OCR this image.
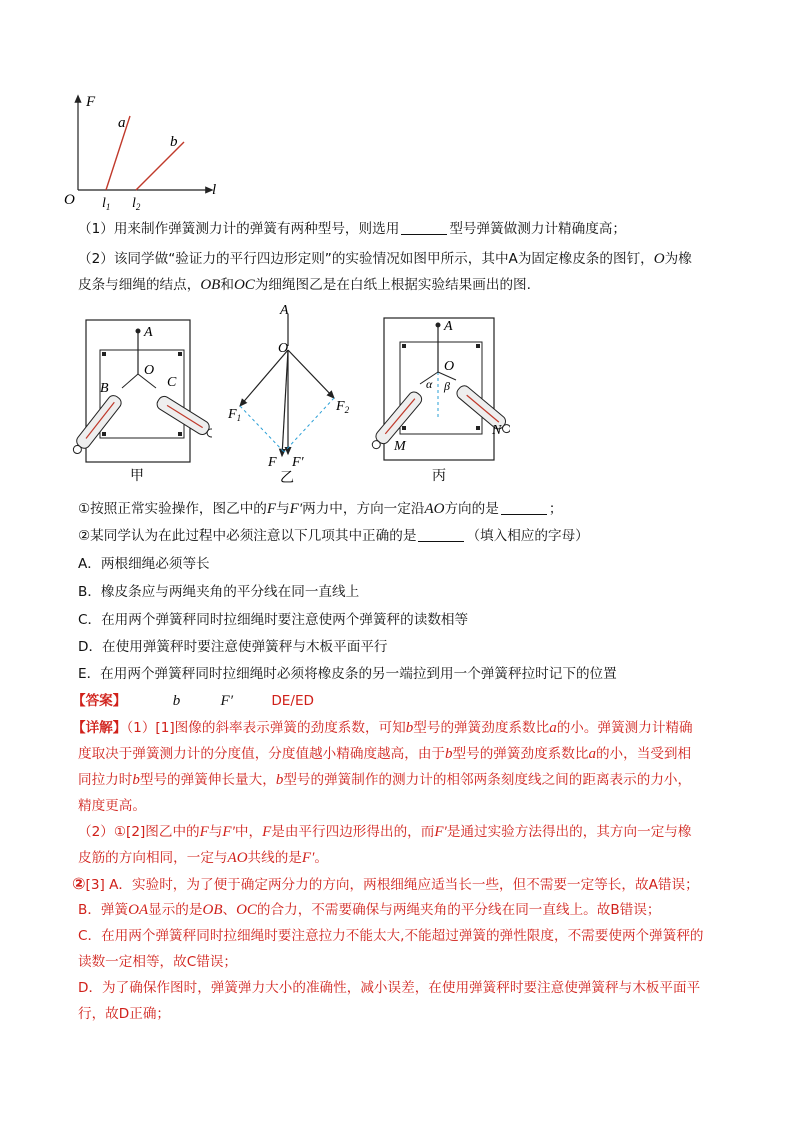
F
l
O
a
b
$l_1$ $l_2$
（1）用来制作弹簧测力计的弹簧有两种型号，则选用	型号弹簧做测力计精确度高；
（2）该同学做“验证力的平行四边形定则”的实验情况如图甲所示，其中A为固定橡皮条的图钉，O为橡
皮条与细绳的结点，OB和OC为细绳图乙是在白纸上根据实验结果画出的图.
A
O
B	C
甲
A
O
$F_1$
$F_2$
F F′
乙
A
O
α β
M
N
丙
①按照正常实验操作，图乙中的F与F′两力中，方向一定沿AO方向的是	；
②某同学认为在此过程中必须注意以下几项其中正确的是	（填入相应的字母）
A．两根细绳必须等长
B．橡皮条应与两绳夹角的平分线在同一直线上
C．在用两个弹簧秤同时拉细绳时要注意使两个弹簧秤的读数相等
D．在使用弹簧秤时要注意使弹簧秤与木板平面平行
E．在用两个弹簧秤同时拉细绳时必须将橡皮条的另一端拉到用一个弹簧秤拉时记下的位置
【答案】	b	F′	DE/ED
【详解】（1）[1]图像的斜率表示弹簧的劲度系数，可知b型号的弹簧劲度系数比a的小。弹簧测力计精确
度取决于弹簧测力计的分度值，分度值越小精确度越高，由于b型号的弹簧劲度系数比a的小，当受到相
同拉力时b型号的弹簧伸长量大，b型号的弹簧制作的测力计的相邻两条刻度线之间的距离表示的力小，
精度更高。
（2）①[2]图乙中的F与F′中，F是由平行四边形得出的，而F′是通过实验方法得出的，其方向一定与橡
皮筋的方向相同，一定与AO共线的是F′。
②[3] A．实验时，为了便于确定两分力的方向，两根细绳应适当长一些，但不需要一定等长，故A错误；
B．弹簧OA显示的是OB、OC的合力，不需要确保与两绳夹角的平分线在同一直线上。故B错误；
C．在用两个弹簧秤同时拉细绳时要注意拉力不能太大,不能超过弹簧的弹性限度，不需要使两个弹簧秤的
读数一定相等，故C错误；
D．为了确保作图时，弹簧弹力大小的准确性，减小误差，在使用弹簧秤时要注意使弹簧秤与木板平面平
行，故D正确；
